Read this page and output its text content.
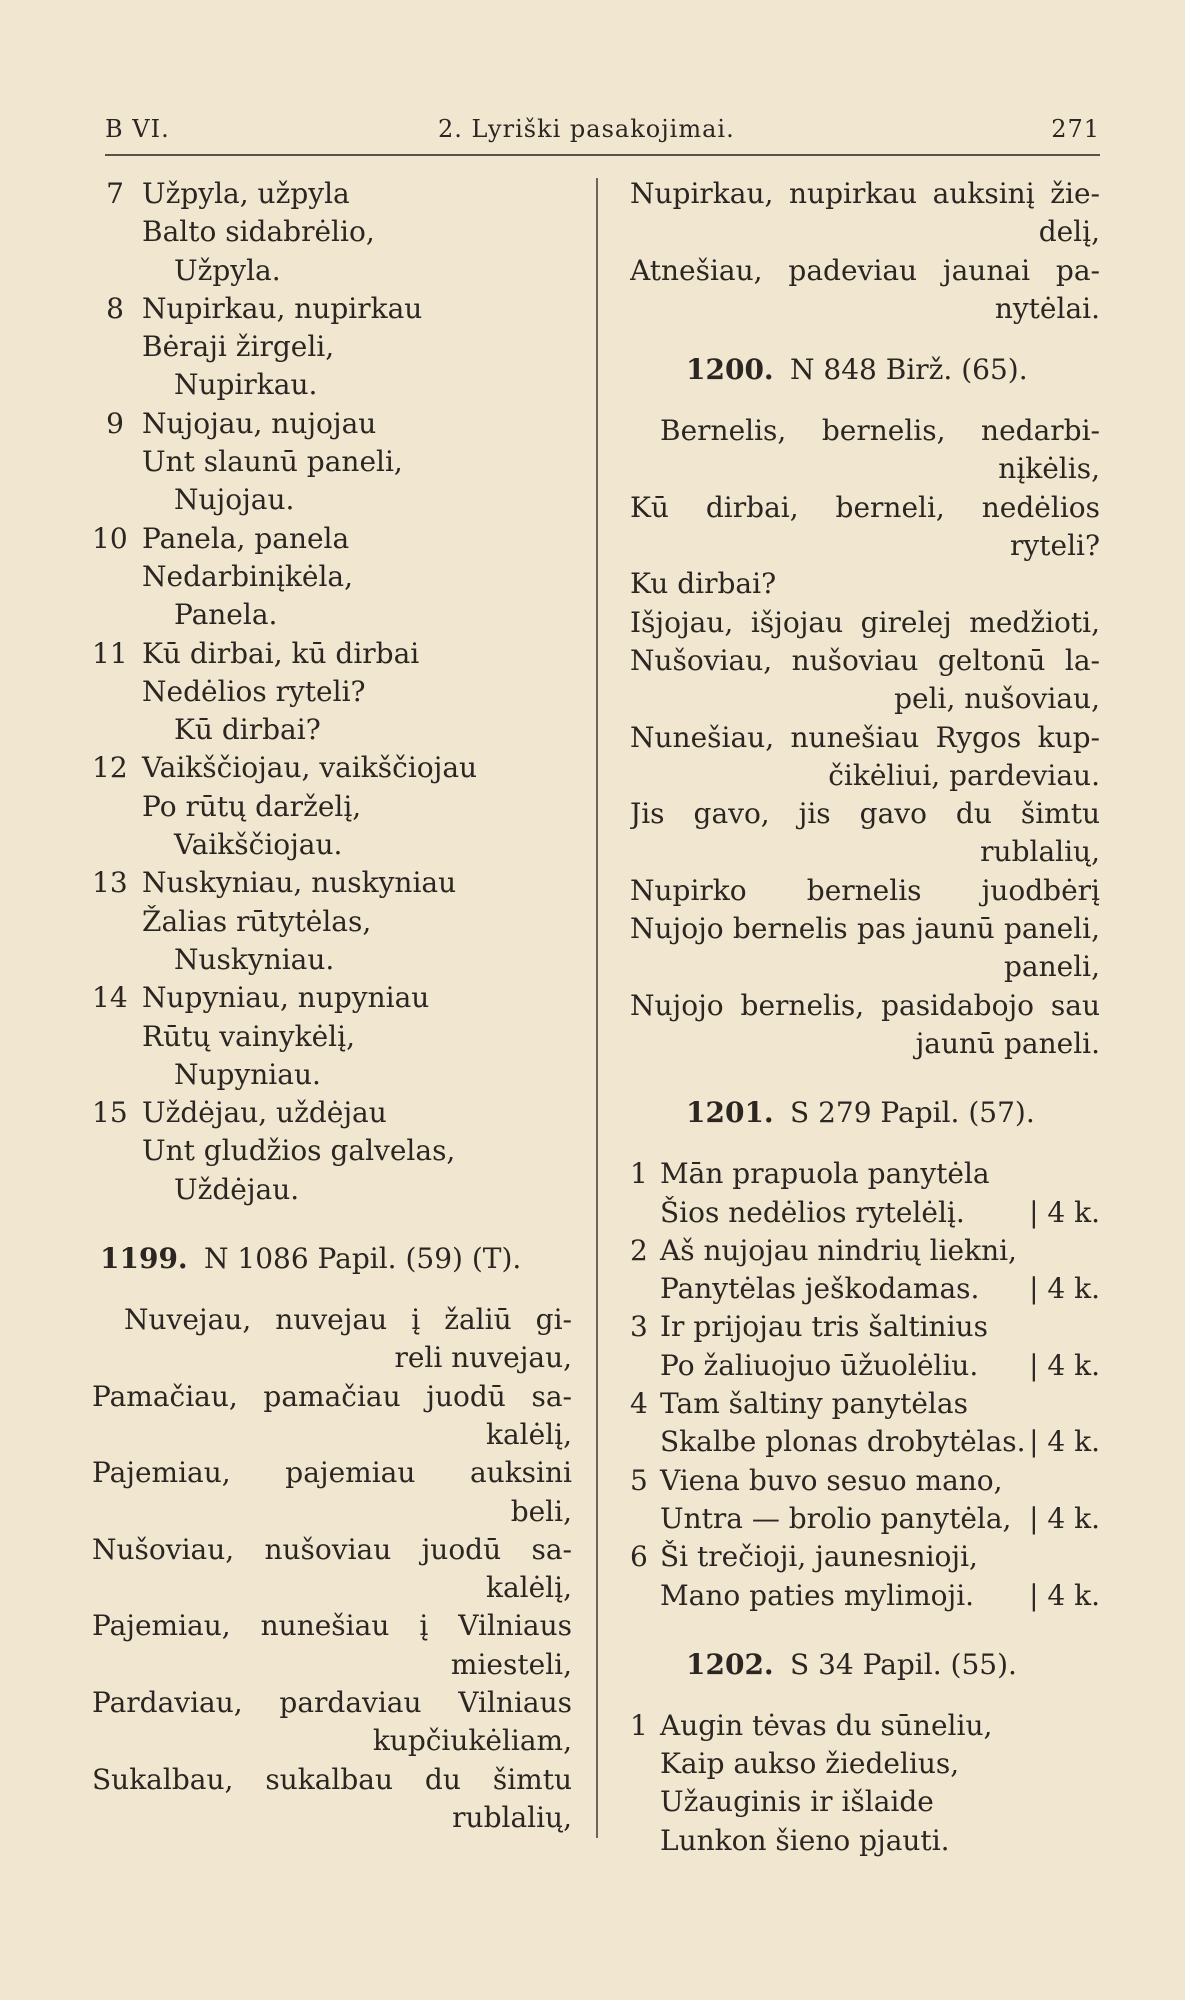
B VI.	2. Lyriški pasakojimai.	271
7 Užpyla, užpyla
Balto sidabrėlio,
Užpyla.
8 Nupirkau, nupirkau
Bėraji žirgeli,
Nupirkau.
9 Nujojau, nujojau
Unt slaunū paneli,
Nujojau.
10 Panela, panela
Nedarbinįkėla,
Panela.
11 Kū dirbai, kū dirbai
Nedėlios ryteli?
Kū dirbai?
12 Vaikščiojau, vaikščiojau
Po rūtų darželį,
Vaikščiojau.
13 Nuskyniau, nuskyniau
Žalias rūtytėlas,
Nuskyniau.
14 Nupyniau, nupyniau
Rūtų vainykėlį,
Nupyniau.
15 Uždėjau, uždėjau
Unt gludžios galvelas,
Uždėjau.
1199. N 1086 Papil. (59) (T).
Nuvejau, nuvejau į žaliū gi-
reli nuvejau,
Pamačiau, pamačiau juodū sa-
kalėlį,
Pajemiau, pajemiau auksini
beli,
Nušoviau, nušoviau juodū sa-
kalėlį,
Pajemiau, nunešiau į Vilniaus
miesteli,
Pardaviau, pardaviau Vilniaus
kupčiukėliam,
Sukalbau, sukalbau du šimtu
rublalių,
Nupirkau, nupirkau auksinį žie-
delį,
Atnešiau, padeviau jaunai pa-
nytėlai.
1200. N 848 Birž. (65).
Bernelis, bernelis, nedarbi-
nįkėlis,
Kū dirbai, berneli, nedėlios
ryteli?
Ku dirbai?
Išjojau, išjojau girelej medžioti,
Nušoviau, nušoviau geltonū la-
peli, nušoviau,
Nunešiau, nunešiau Rygos kup-
čikėliui, pardeviau.
Jis gavo, jis gavo du šimtu
rublalių,
Nupirko bernelis juodbėrį
Nujojo bernelis pas jaunū paneli,
paneli,
Nujojo bernelis, pasidabojo sau
jaunū paneli.
1201. S 279 Papil. (57).
1 Mān prapuola panytėla
Šios nedėlios rytelėlį. | 4 k.
2 Aš nujojau nindrių liekni,
Panytėlas ješkodamas. | 4 k.
3 Ir prijojau tris šaltinius
Po žaliuojuo ūžuolėliu. | 4 k.
4 Tam šaltiny panytėlas
Skalbe plonas drobytėlas. | 4 k.
5 Viena buvo sesuo mano,
Untra — brolio panytėla, | 4 k.
6 Ši trečioji, jaunesnioji,
Mano paties mylimoji. | 4 k.
1202. S 34 Papil. (55).
1 Augin tėvas du sūneliu,
Kaip aukso žiedelius,
Užauginis ir išlaide
Lunkon šieno pjauti.
